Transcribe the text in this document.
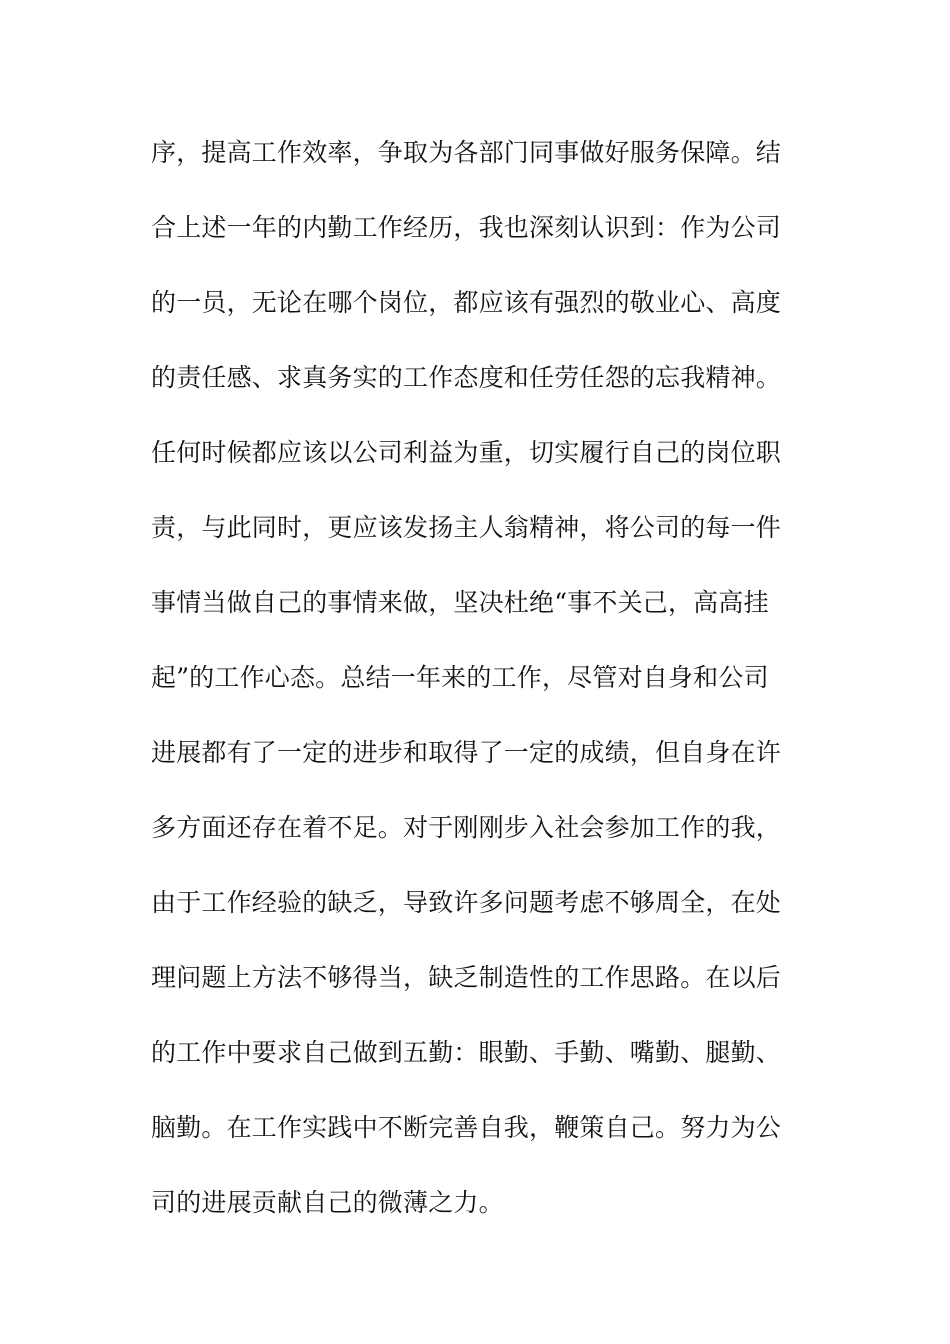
序，提高工作效率，争取为各部门同事做好服务保障。结
合上述一年的内勤工作经历，我也深刻认识到：作为公司
的一员，无论在哪个岗位，都应该有强烈的敬业心、高度
的责任感、求真务实的工作态度和任劳任怨的忘我精神。
任何时候都应该以公司利益为重，切实履行自己的岗位职
责，与此同时，更应该发扬主人翁精神，将公司的每一件
事情当做自己的事情来做，坚决杜绝“事不关己，高高挂
起”的工作心态。总结一年来的工作，尽管对自身和公司
进展都有了一定的进步和取得了一定的成绩，但自身在许
多方面还存在着不足。对于刚刚步入社会参加工作的我，
由于工作经验的缺乏，导致许多问题考虑不够周全，在处
理问题上方法不够得当，缺乏制造性的工作思路。在以后
的工作中要求自己做到五勤：眼勤、手勤、嘴勤、腿勤、
脑勤。在工作实践中不断完善自我，鞭策自己。努力为公
司的进展贡献自己的微薄之力。
